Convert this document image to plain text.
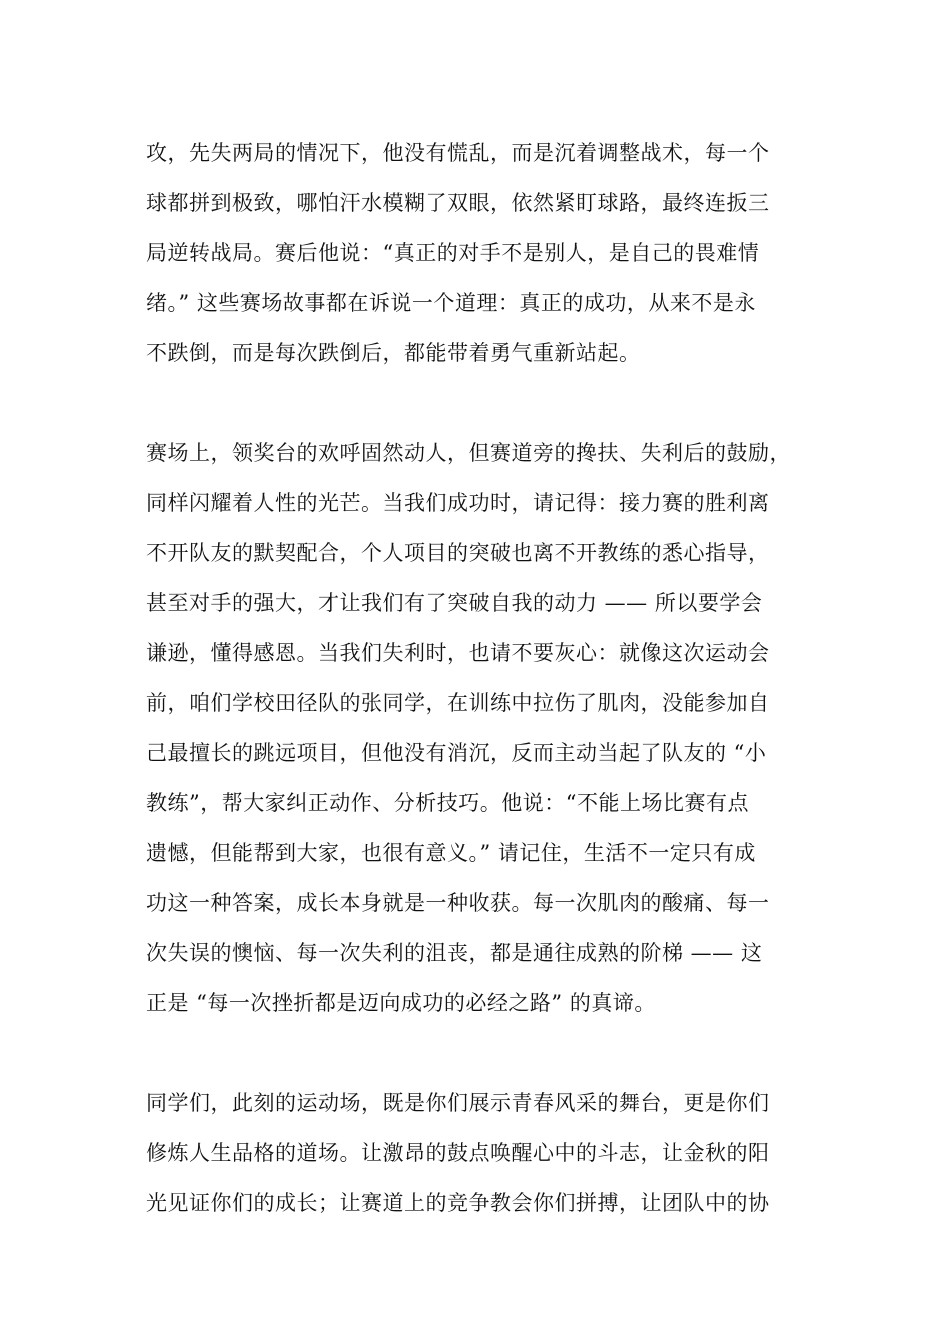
攻，先失两局的情况下，他没有慌乱，而是沉着调整战术，每一个
球都拼到极致，哪怕汗水模糊了双眼，依然紧盯球路，最终连扳三
局逆转战局。赛后他说：“真正的对手不是别人，是自己的畏难情
绪。” 这些赛场故事都在诉说一个道理：真正的成功，从来不是永
不跌倒，而是每次跌倒后，都能带着勇气重新站起。
赛场上，领奖台的欢呼固然动人，但赛道旁的搀扶、失利后的鼓励，
同样闪耀着人性的光芒。当我们成功时，请记得：接力赛的胜利离
不开队友的默契配合，个人项目的突破也离不开教练的悉心指导，
甚至对手的强大，才让我们有了突破自我的动力 —— 所以要学会
谦逊，懂得感恩。当我们失利时，也请不要灰心：就像这次运动会
前，咱们学校田径队的张同学，在训练中拉伤了肌肉，没能参加自
己最擅长的跳远项目，但他没有消沉，反而主动当起了队友的 “小
教练”，帮大家纠正动作、分析技巧。他说：“不能上场比赛有点
遗憾，但能帮到大家，也很有意义。” 请记住，生活不一定只有成
功这一种答案，成长本身就是一种收获。每一次肌肉的酸痛、每一
次失误的懊恼、每一次失利的沮丧，都是通往成熟的阶梯 —— 这
正是 “每一次挫折都是迈向成功的必经之路” 的真谛。
同学们，此刻的运动场，既是你们展示青春风采的舞台，更是你们
修炼人生品格的道场。让激昂的鼓点唤醒心中的斗志，让金秋的阳
光见证你们的成长；让赛道上的竞争教会你们拼搏，让团队中的协
